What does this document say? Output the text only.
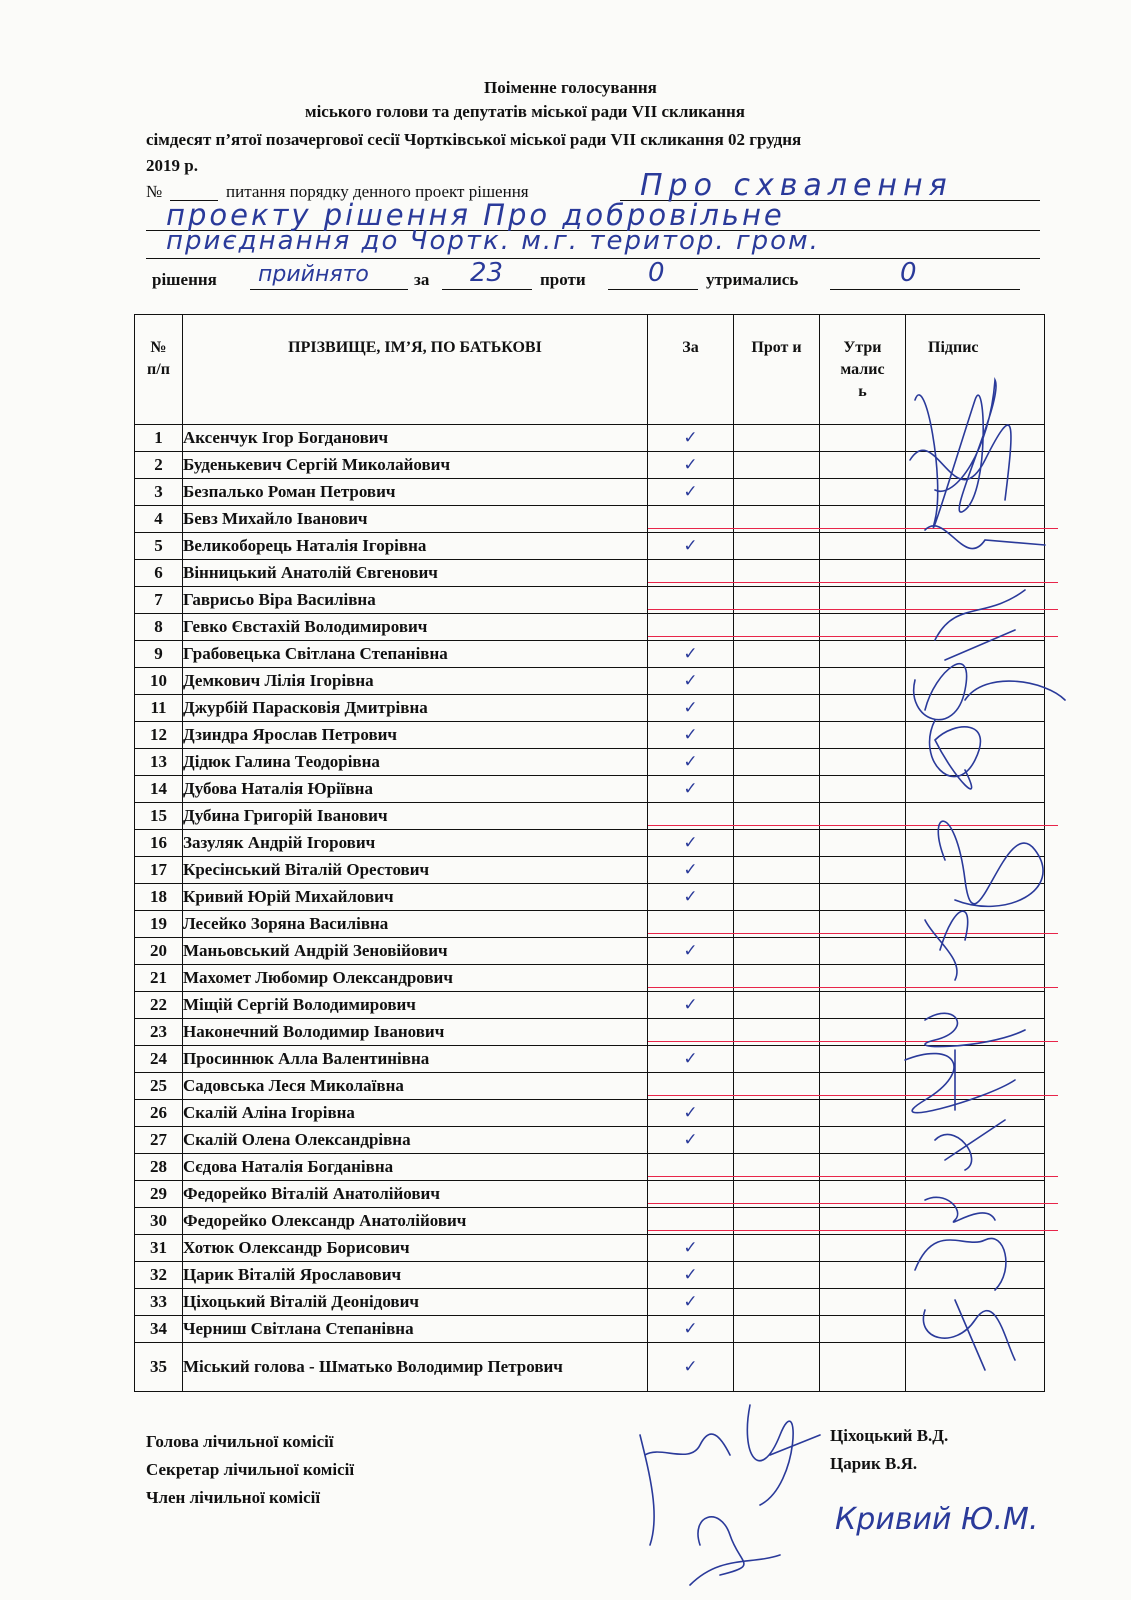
Поіменне голосування
міського голови та депутатів міської ради VII скликання
сімдесят п’ятої позачергової сесії Чортківської міської ради VII скликання 02 грудня
2019 р.
№	питання порядку денного проект рішення	Про схвалення
проекту рішення Про добровільне
приєднання до Чортк. м.г. територ. гром.
рішення прийнято	за 23 проти 0 утримались	0
№ п/п	ПРІЗВИЩЕ, ІМ’Я, ПО БАТЬКОВІ	За	Прот и	Утри малис ь	Підпис
1	Аксенчук Ігор Богданович	✓			
2	Буденькевич Сергій Миколайович	✓			
3	Безпалько Роман Петрович	✓			
4	Бевз Михайло Іванович				
5	Великоборець Наталія Ігорівна	✓			
6	Вінницький Анатолій Євгенович				
7	Гаврисьо Віра Василівна				
8	Гевко Євстахій Володимирович				
9	Грабовецька Світлана Степанівна	✓			
10	Демкович Лілія Ігорівна	✓			
11	Джурбій Парасковія Дмитрівна	✓			
12	Дзиндра Ярослав Петрович	✓			
13	Дідюк Галина Теодорівна	✓			
14	Дубова Наталія Юріївна	✓			
15	Дубина Григорій Іванович				
16	Зазуляк Андрій Ігорович	✓			
17	Кресінський Віталій Орестович	✓			
18	Кривий Юрій Михайлович	✓			
19	Лесейко Зоряна Василівна				
20	Маньовський Андрій Зеновійович	✓			
21	Махомет Любомир Олександрович				
22	Міщій Сергій Володимирович	✓			
23	Наконечний Володимир Іванович				
24	Просиннюк Алла Валентинівна	✓			
25	Садовська Леся Миколаївна				
26	Скалій Аліна Ігорівна	✓			
27	Скалій Олена Олександрівна	✓			
28	Сєдова Наталія Богданівна				
29	Федорейко Віталій Анатолійович				
30	Федорейко Олександр Анатолійович				
31	Хотюк Олександр Борисович	✓			
32	Царик Віталій Ярославович	✓			
33	Ціхоцький Віталій Деонідович	✓			
34	Черниш Світлана Степанівна	✓			
35	Міський голова - Шматько Володимир Петрович	✓			
Голова лічильної комісії
Секретар лічильної комісії
Член лічильної комісії
Ціхоцький В.Д.
Царик В.Я.
Кривий Ю.М.
